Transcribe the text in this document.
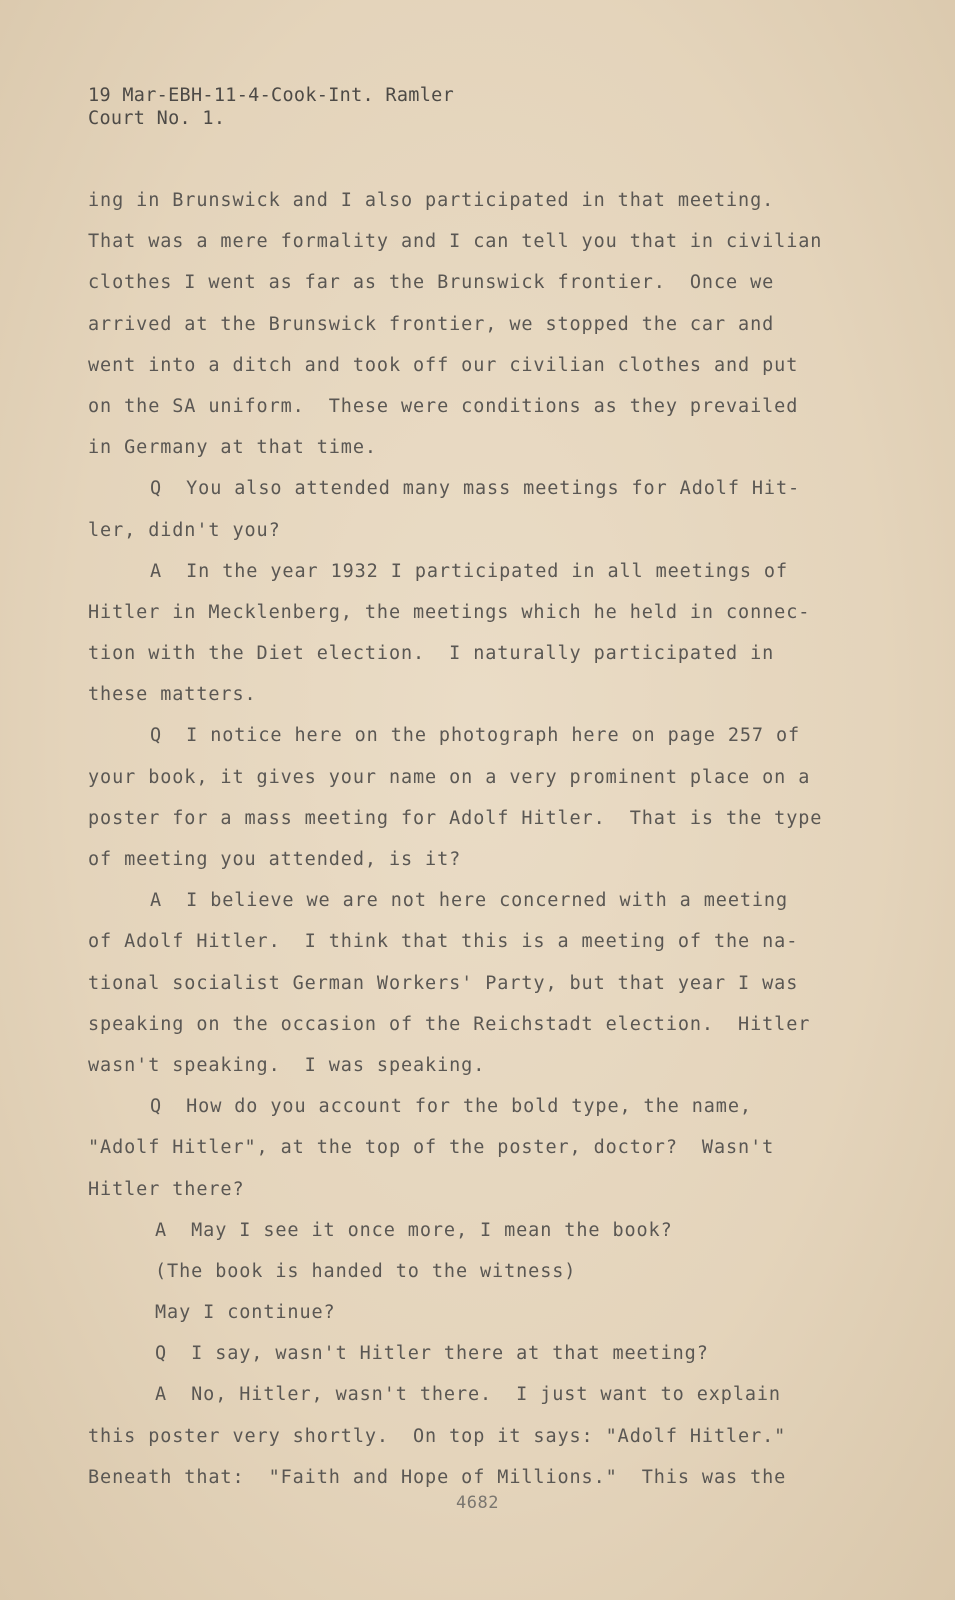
19 Mar-EBH-11-4-Cook-Int. Ramler
Court No. 1.
ing in Brunswick and I also participated in that meeting.
That was a mere formality and I can tell you that in civilian
clothes I went as far as the Brunswick frontier.  Once we
arrived at the Brunswick frontier, we stopped the car and
went into a ditch and took off our civilian clothes and put
on the SA uniform.  These were conditions as they prevailed
in Germany at that time.
Q  You also attended many mass meetings for Adolf Hit-
ler, didn't you?
A  In the year 1932 I participated in all meetings of
Hitler in Mecklenberg, the meetings which he held in connec-
tion with the Diet election.  I naturally participated in
these matters.
Q  I notice here on the photograph here on page 257 of
your book, it gives your name on a very prominent place on a
poster for a mass meeting for Adolf Hitler.  That is the type
of meeting you attended, is it?
A  I believe we are not here concerned with a meeting
of Adolf Hitler.  I think that this is a meeting of the na-
tional socialist German Workers' Party, but that year I was
speaking on the occasion of the Reichstadt election.  Hitler
wasn't speaking.  I was speaking.
Q  How do you account for the bold type, the name,
"Adolf Hitler", at the top of the poster, doctor?  Wasn't
Hitler there?
A  May I see it once more, I mean the book?
(The book is handed to the witness)
May I continue?
Q  I say, wasn't Hitler there at that meeting?
A  No, Hitler, wasn't there.  I just want to explain
this poster very shortly.  On top it says: "Adolf Hitler."
Beneath that:  "Faith and Hope of Millions."  This was the
4682
